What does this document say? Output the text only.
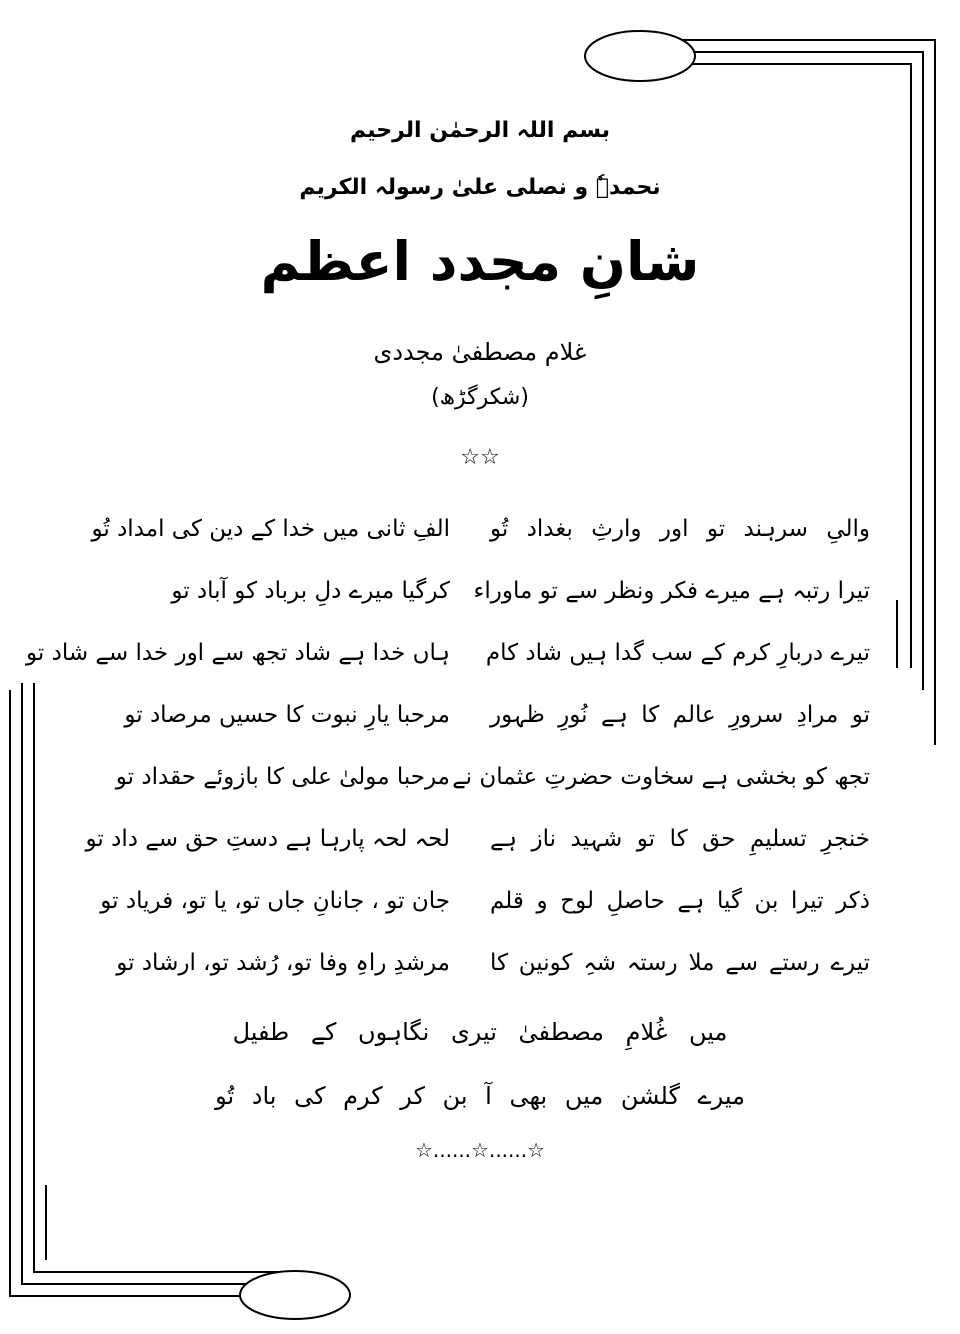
بسم اللہ الرحمٰن الرحیم
نحمدہٗ و نصلی علیٰ رسولہ الکریم
شانِ مجدد اعظم
غلام مصطفیٰ مجددی
(شکرگڑھ)
☆☆
والیِ سرہند تو اور وارثِ بغداد تُو
الفِ ثانی میں خدا کے دین کی امداد تُو
تیرا رتبہ ہے میرے فکر ونظر سے تو ماوراء
کرگیا میرے دلِ برباد کو آباد تو
تیرے دربارِ کرم کے سب گدا ہیں شاد کام
ہاں خدا ہے شاد تجھ سے اور خدا سے شاد تو
تو مرادِ سرورِ عالم کا ہے نُورِ ظہور
مرحبا یارِ نبوت کا حسیں مرصاد تو
تجھ کو بخشی ہے سخاوت حضرتِ عثمان نے
مرحبا مولیٰ علی کا بازوئے حقداد تو
خنجرِ تسلیمِ حق کا تو شہید ناز ہے
لحہ لحہ پارہا ہے دستِ حق سے داد تو
ذکر تیرا بن گیا ہے حاصلِ لوح و قلم
جان تو ، جانانِ جاں تو، یا تو، فریاد تو
تیرے رستے سے ملا رستہ شہِ کونین کا
مرشدِ راہِ وفا تو، رُشد تو، ارشاد تو
میں غُلامِ مصطفیٰ تیری نگاہوں کے طفیل
میرے گلشن میں بھی آ بن کر کرم کی باد تُو
☆......☆......☆
